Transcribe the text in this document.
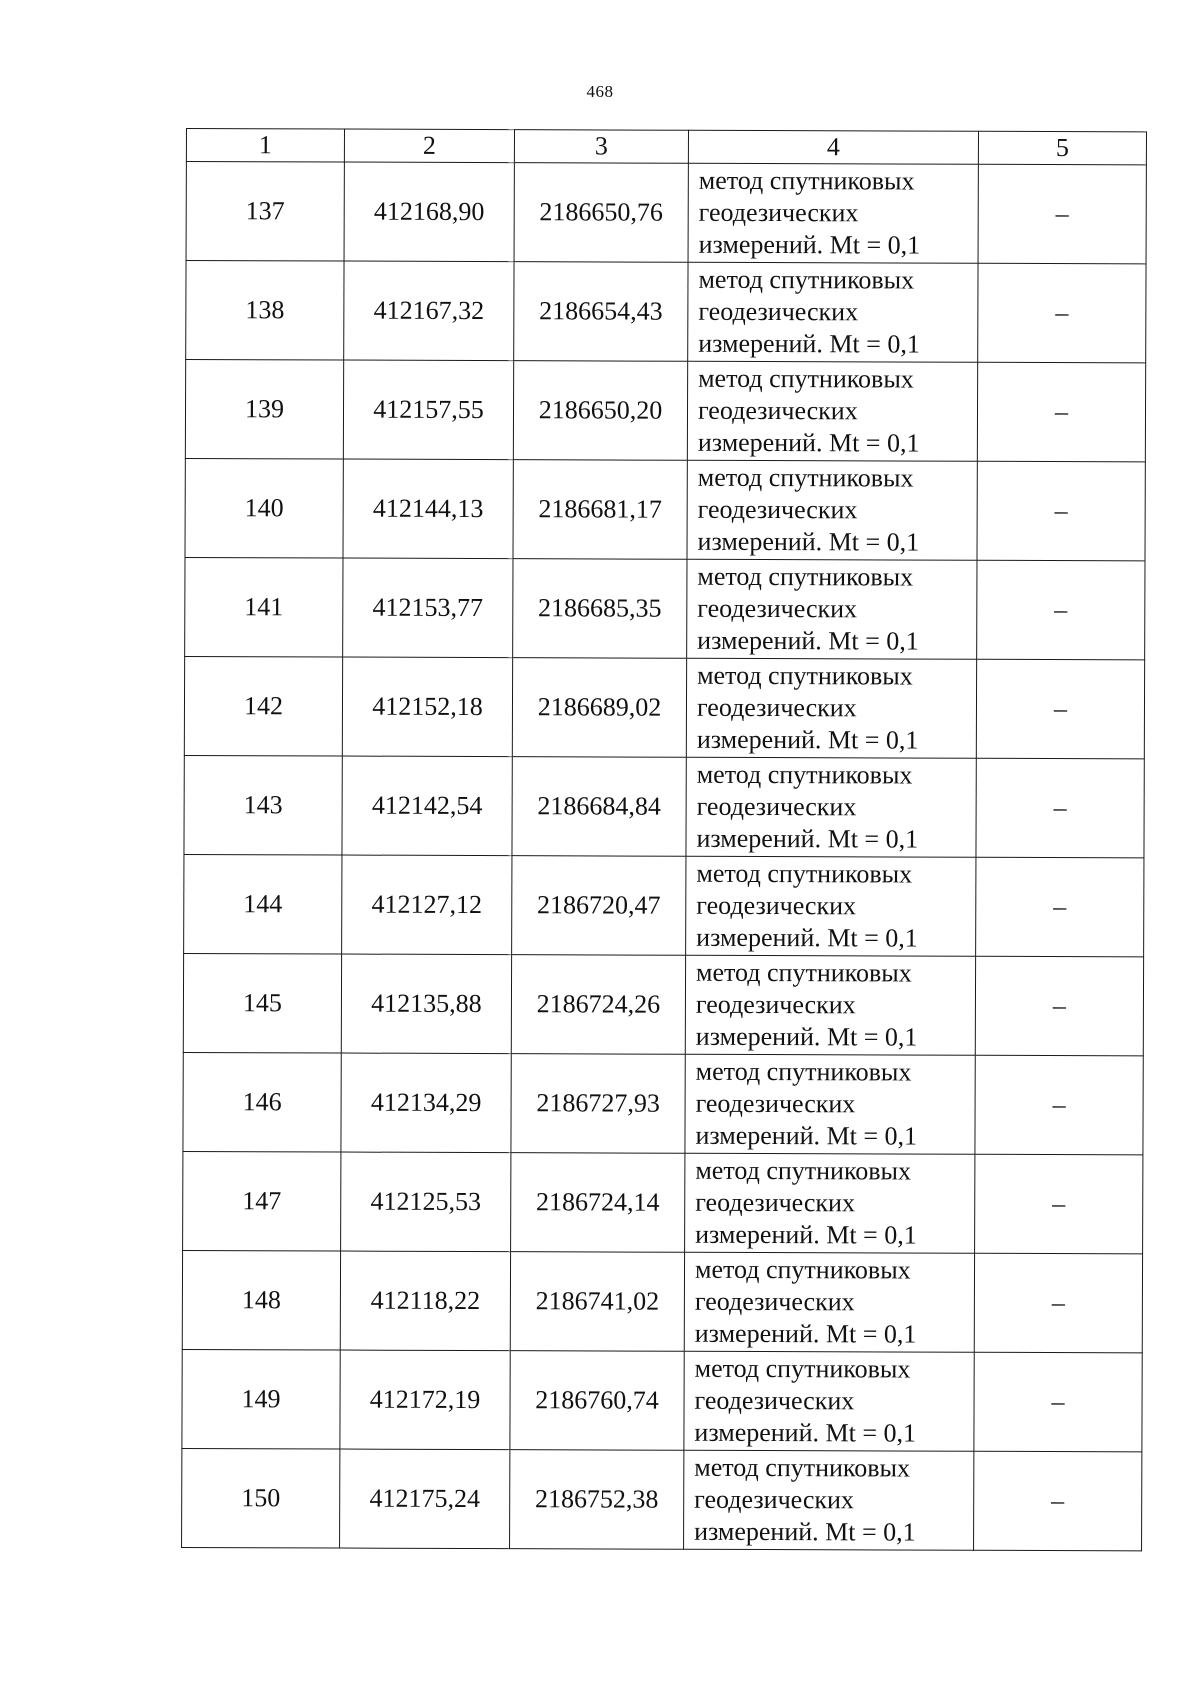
468
1	2	3	4	5
137	412168,90	2186650,76	метод спутниковых
геодезических
измерений. Mt = 0,1	–
138	412167,32	2186654,43	метод спутниковых
геодезических
измерений. Mt = 0,1	–
139	412157,55	2186650,20	метод спутниковых
геодезических
измерений. Mt = 0,1	–
140	412144,13	2186681,17	метод спутниковых
геодезических
измерений. Mt = 0,1	–
141	412153,77	2186685,35	метод спутниковых
геодезических
измерений. Mt = 0,1	–
142	412152,18	2186689,02	метод спутниковых
геодезических
измерений. Mt = 0,1	–
143	412142,54	2186684,84	метод спутниковых
геодезических
измерений. Mt = 0,1	–
144	412127,12	2186720,47	метод спутниковых
геодезических
измерений. Mt = 0,1	–
145	412135,88	2186724,26	метод спутниковых
геодезических
измерений. Mt = 0,1	–
146	412134,29	2186727,93	метод спутниковых
геодезических
измерений. Mt = 0,1	–
147	412125,53	2186724,14	метод спутниковых
геодезических
измерений. Mt = 0,1	–
148	412118,22	2186741,02	метод спутниковых
геодезических
измерений. Mt = 0,1	–
149	412172,19	2186760,74	метод спутниковых
геодезических
измерений. Mt = 0,1	–
150	412175,24	2186752,38	метод спутниковых
геодезических
измерений. Mt = 0,1	–
